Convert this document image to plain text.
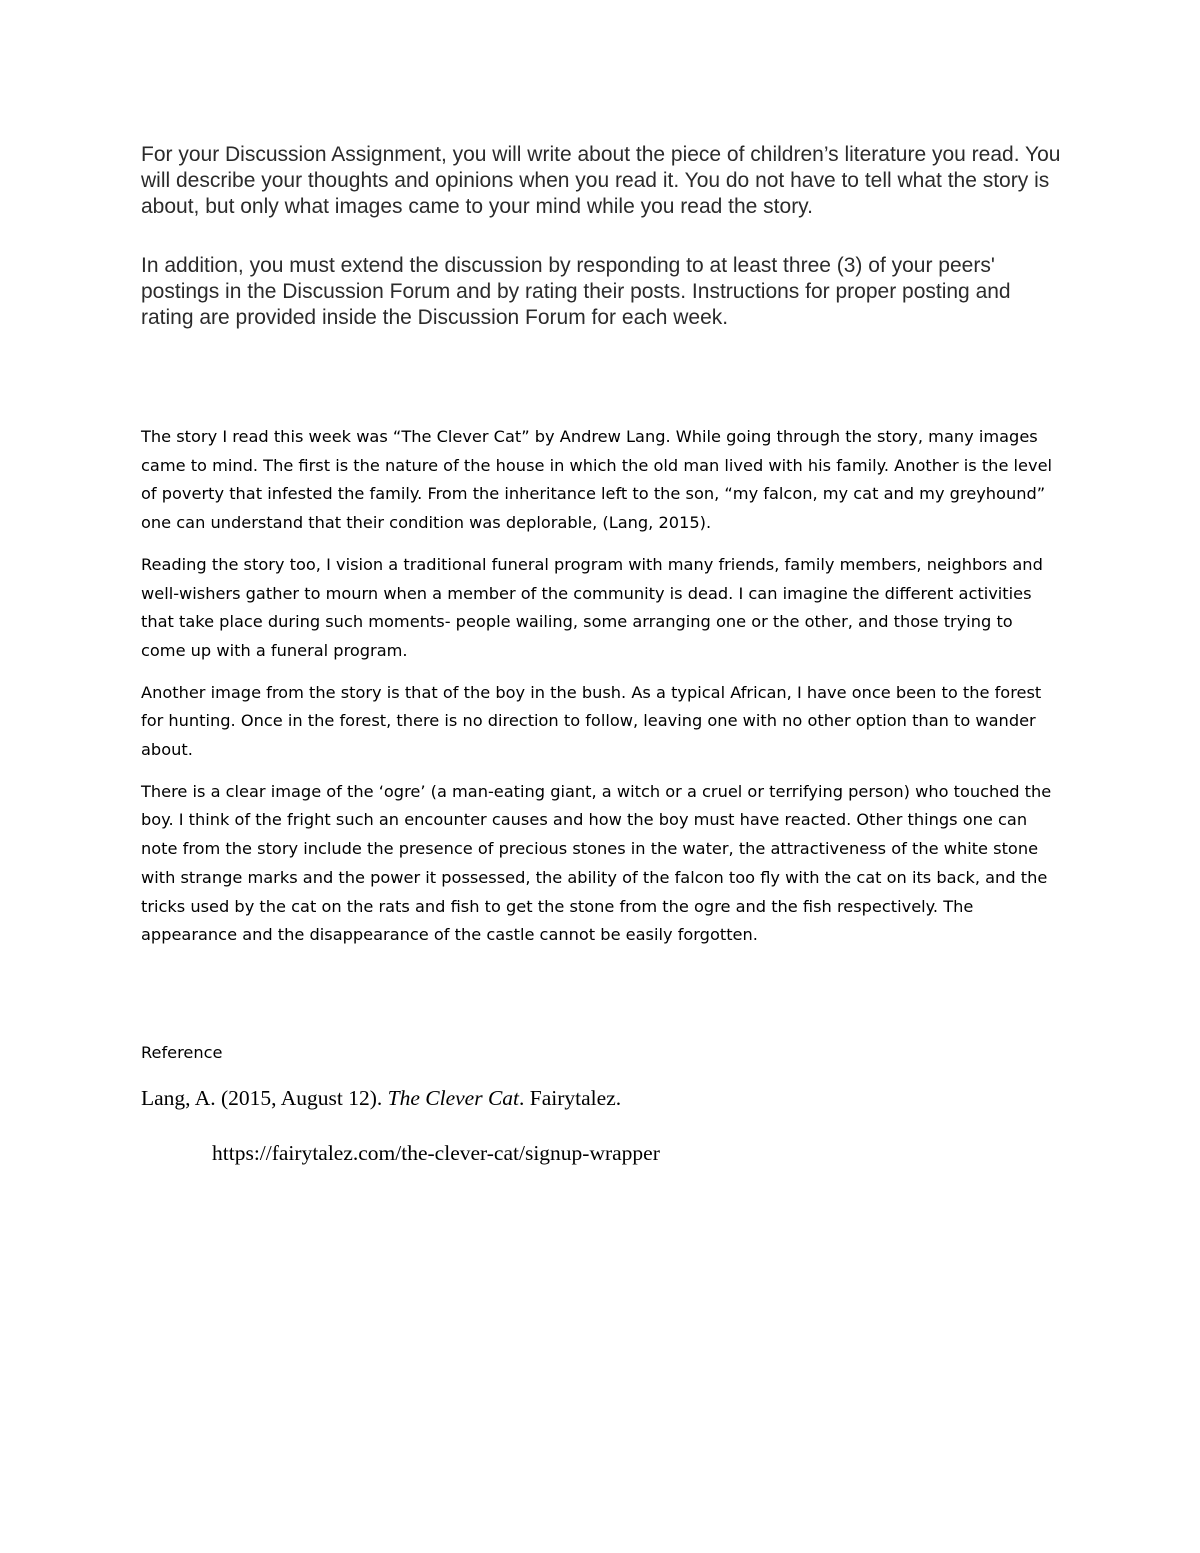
For your Discussion Assignment, you will write about the piece of children’s literature you read. You will describe your thoughts and opinions when you read it. You do not have to tell what the story is about, but only what images came to your mind while you read the story.

In addition, you must extend the discussion by responding to at least three (3) of your peers' postings in the Discussion Forum and by rating their posts. Instructions for proper posting and rating are provided inside the Discussion Forum for each week.

The story I read this week was “The Clever Cat” by Andrew Lang. While going through the story, many images came to mind. The first is the nature of the house in which the old man lived with his family. Another is the level of poverty that infested the family. From the inheritance left to the son, “my falcon, my cat and my greyhound” one can understand that their condition was deplorable, (Lang, 2015).

Reading the story too, I vision a traditional funeral program with many friends, family members, neighbors and well-wishers gather to mourn when a member of the community is dead. I can imagine the different activities that take place during such moments- people wailing, some arranging one or the other, and those trying to come up with a funeral program.

Another image from the story is that of the boy in the bush. As a typical African, I have once been to the forest for hunting. Once in the forest, there is no direction to follow, leaving one with no other option than to wander about.

There is a clear image of the ‘ogre’ (a man-eating giant, a witch or a cruel or terrifying person) who touched the boy. I think of the fright such an encounter causes and how the boy must have reacted. Other things one can note from the story include the presence of precious stones in the water, the attractiveness of the white stone with strange marks and the power it possessed, the ability of the falcon too fly with the cat on its back, and the tricks used by the cat on the rats and fish to get the stone from the ogre and the fish respectively. The appearance and the disappearance of the castle cannot be easily forgotten.

Reference
Lang, A. (2015, August 12). The Clever Cat. Fairytalez.
https://fairytalez.com/the-clever-cat/signup-wrapper
